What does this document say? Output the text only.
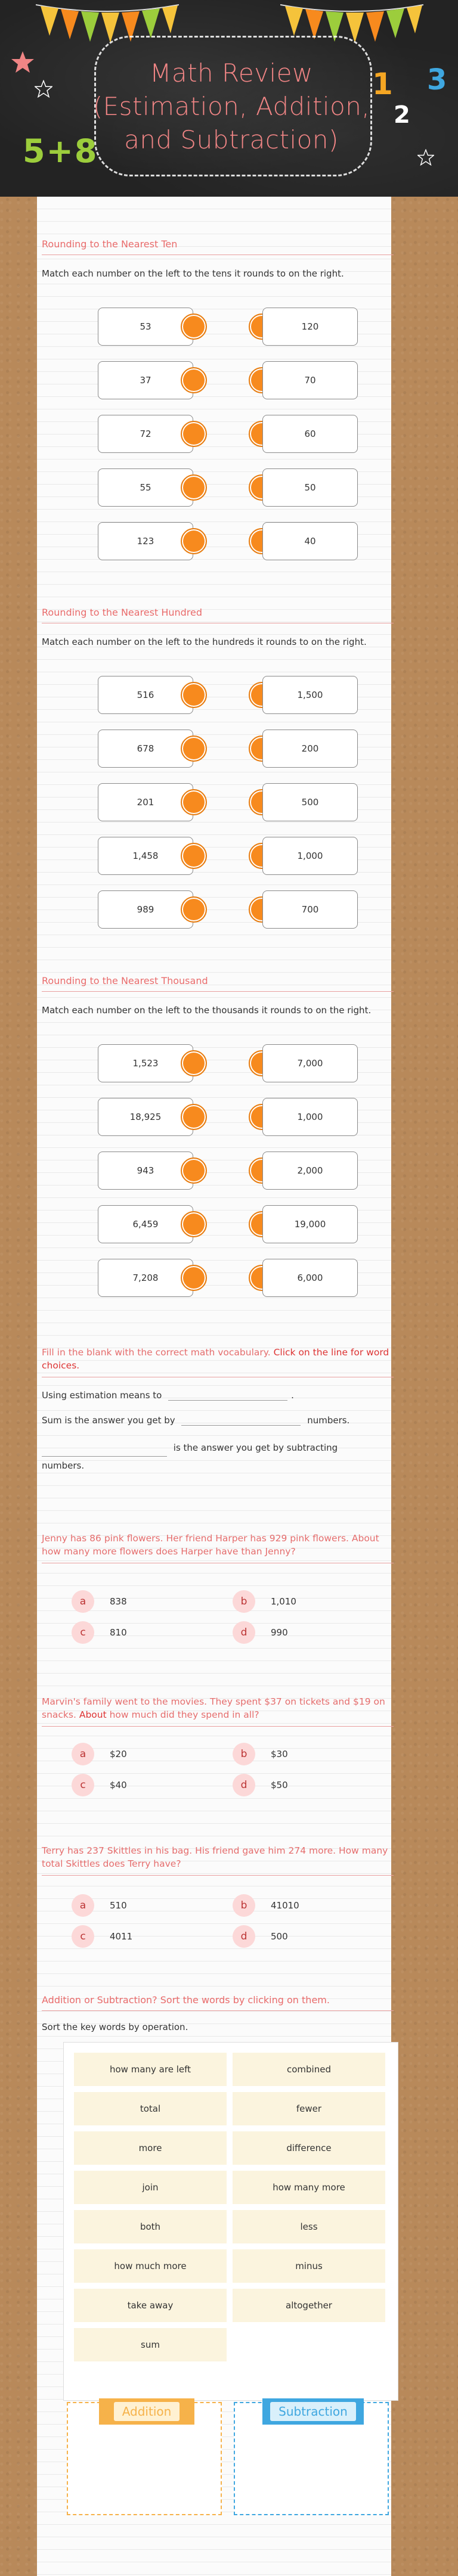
5+8
1
2
3
Math Review
(Estimation, Addition,
and Subtraction)
Rounding to the Nearest Ten
Match each number on the left to the tens it rounds to on the right.
53	120
37	70
72	60
55	50
123	40
Rounding to the Nearest Hundred
Match each number on the left to the hundreds it rounds to on the right.
516	1,500
678	200
201	500
1,458	1,000
989	700
Rounding to the Nearest Thousand
Match each number on the left to the thousands it rounds to on the right.
1,523	7,000
18,925	1,000
943	2,000
6,459	19,000
7,208	6,000
Fill in the blank with the correct math vocabulary. Click on the line for word choices.
Using estimation means to	.
Sum is the answer you get by	numbers.
is the answer you get by subtracting numbers.
Jenny has 86 pink flowers. Her friend Harper has 929 pink flowers. About how many more flowers does Harper have than Jenny?
a	838	b	1,010
c	810	d	990
Marvin's family went to the movies. They spent $37 on tickets and $19 on snacks. About how much did they spend in all?
a	$20	b	$30
c	$40	d	$50
Terry has 237 Skittles in his bag. His friend gave him 274 more. How many total Skittles does Terry have?
a	510	b	41010
c	4011	d	500
Addition or Subtraction? Sort the words by clicking on them.
Sort the key words by operation.
how many are left	combined
total	fewer
more	difference
join	how many more
both	less
how much more	minus
take away	altogether
sum
Addition	Subtraction
